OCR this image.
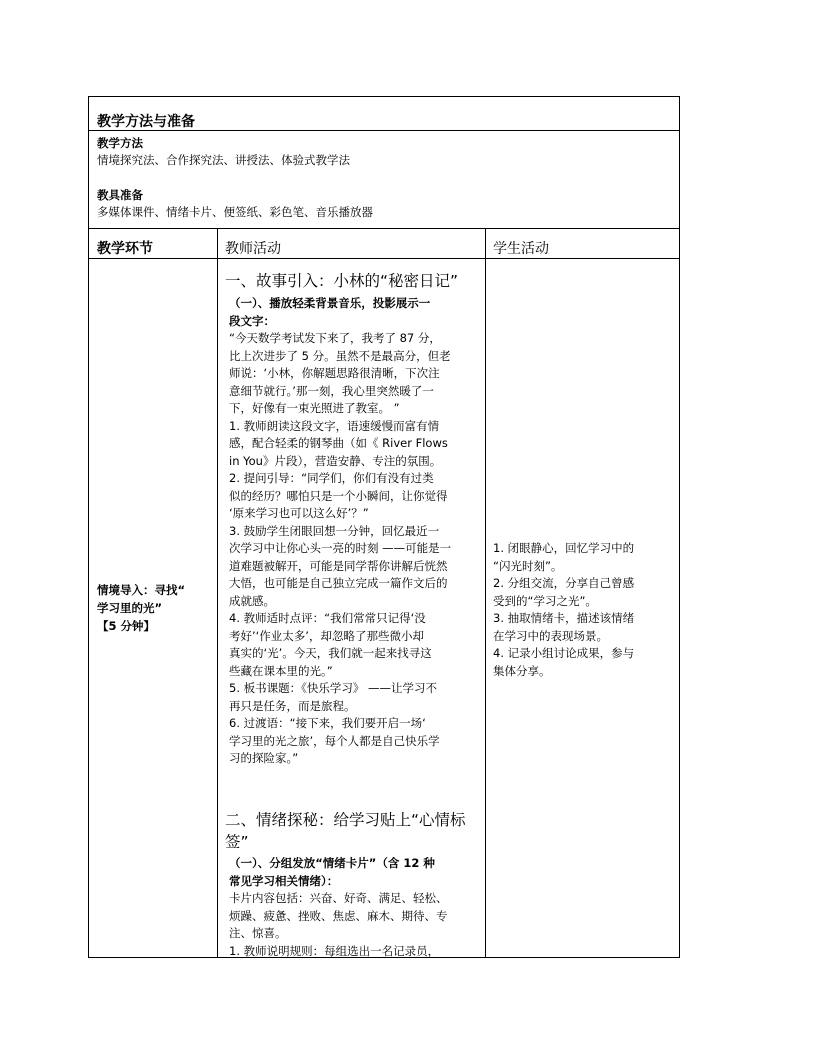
教学方法与准备
教学方法
情境探究法、合作探究法、讲授法、体验式教学法
教具准备
多媒体课件、情绪卡片、便签纸、彩色笔、音乐播放器
教学环节	教师活动	学生活动
情境导入：寻找“
学习里的光”
【5 分钟】
一、故事引入：小林的“秘密日记”
（一）、播放轻柔背景音乐，投影展示一
段文字：
“今天数学考试发下来了，我考了 87 分，
比上次进步了 5 分。虽然不是最高分，但老
师说：‘小林，你解题思路很清晰，下次注
意细节就行。’那一刻，我心里突然暖了一
下，好像有一束光照进了教室。 ”
1. 教师朗读这段文字，语速缓慢而富有情
感，配合轻柔的钢琴曲（如《 River Flows
in You》片段），营造安静、专注的氛围。
2. 提问引导：“同学们，你们有没有过类
似的经历？哪怕只是一个小瞬间，让你觉得
‘原来学习也可以这么好’？”
3. 鼓励学生闭眼回想一分钟，回忆最近一
次学习中让你心头一亮的时刻 ——可能是一
道难题被解开，可能是同学帮你讲解后恍然
大悟，也可能是自己独立完成一篇作文后的
成就感。
4. 教师适时点评：“我们常常只记得‘没
考好’‘作业太多’，却忽略了那些微小却
真实的‘光’。今天，我们就一起来找寻这
些藏在课本里的光。”
5. 板书课题：《快乐学习》 ——让学习不
再只是任务，而是旅程。
6. 过渡语：“接下来，我们要开启一场‘
学习里的光之旅’，每个人都是自己快乐学
习的探险家。”
二、情绪探秘：给学习贴上“心情标
签”
（一）、分组发放“情绪卡片”（含 12 种
常见学习相关情绪）：
卡片内容包括：兴奋、好奇、满足、轻松、
烦躁、疲惫、挫败、焦虑、麻木、期待、专
注、惊喜。
1. 教师说明规则：每组选出一名记录员，
1. 闭眼静心，回忆学习中的
“闪光时刻”。
2. 分组交流，分享自己曾感
受到的“学习之光”。
3. 抽取情绪卡，描述该情绪
在学习中的表现场景。
4. 记录小组讨论成果，参与
集体分享。
